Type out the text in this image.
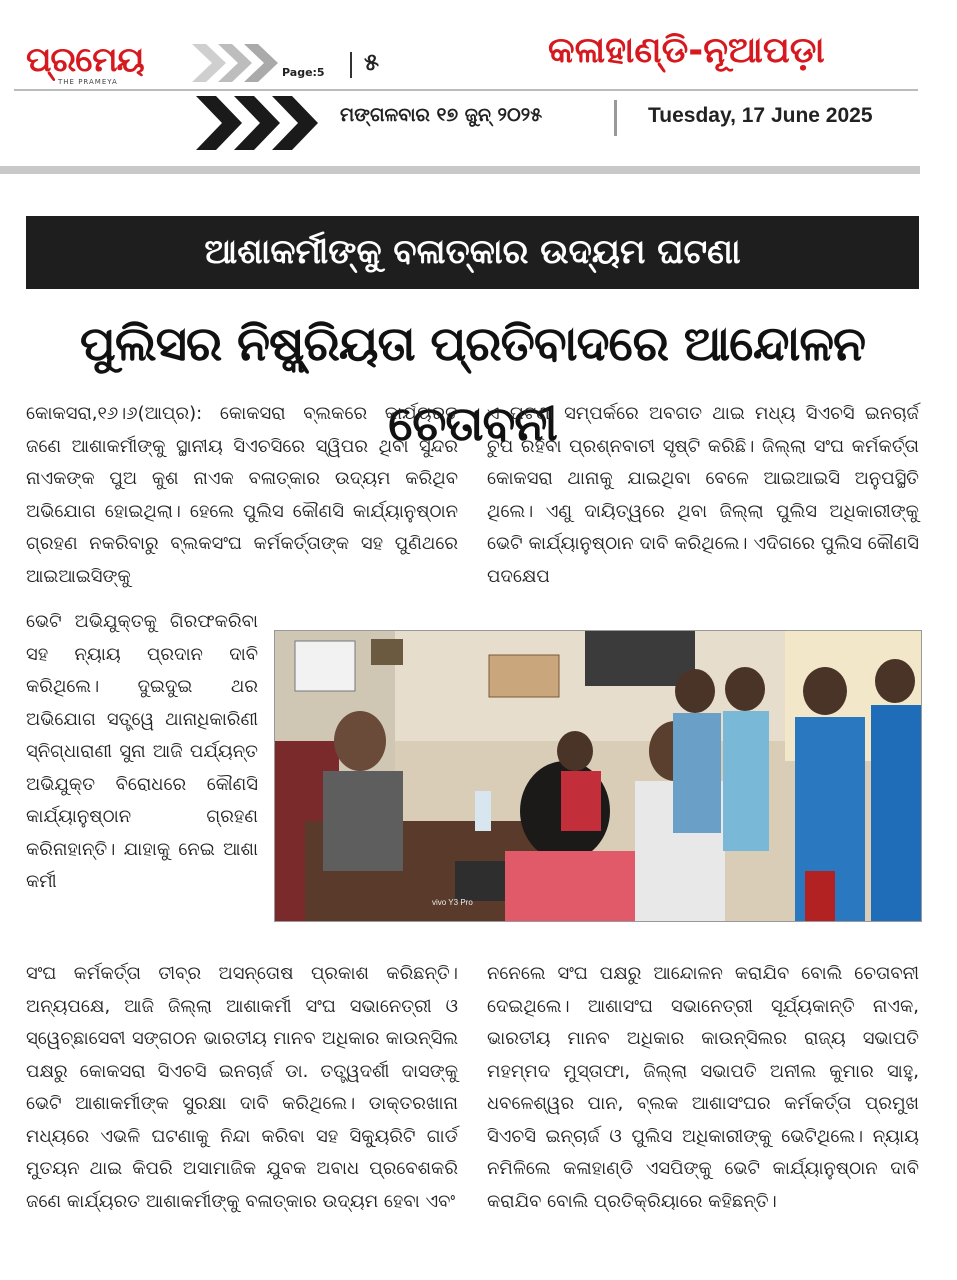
ପ୍ରମେୟ
THE PRAMEYA
Page:5 ୫	କଳାହାଣ୍ଡି-ନୂଆପଡ଼ା
ମଙ୍ଗଳବାର ୧୭ ଜୁନ୍ ୨୦୨୫	Tuesday, 17 June 2025
ଆଶାକର୍ମୀଙ୍କୁ ବଳାତ୍କାର ଉଦ୍ୟମ ଘଟଣା
ପୁଲିସର ନିଷ୍କ୍ରିୟତା ପ୍ରତିବାଦରେ ଆନ୍ଦୋଳନ ଚେତାବନୀ

କୋକସରା,୧୬।୬(ଆପ୍ର): କୋକସରା ବ୍ଲକରେ କାର୍ଯ୍ୟରତ ଜଣେ ଆଶାକର୍ମୀଙ୍କୁ ସ୍ଥାନୀୟ ସିଏଚସିରେ ସ୍ୱିପର ଥିବା ସୁନ୍ଦର ନାଏକଙ୍କ ପୁଅ କୁଶ ନାଏକ ବଳାତ୍କାର ଉଦ୍ୟମ କରିଥିବ ଅଭିଯୋଗ ହୋଇଥିଲା। ହେଲେ ପୁଲିସ କୌଣସି କାର୍ଯ୍ୟାନୁଷ୍ଠାନ ଗ୍ରହଣ ନକରିବାରୁ ବ୍ଲକସଂଘ କର୍ମକର୍ତ୍ତାଙ୍କ ସହ ପୁଣିଥରେ ଆଇଆଇସିଙ୍କୁ

ଭେଟି ଅଭିଯୁକ୍ତକୁ ଗିରଫକରିବା ସହ ନ୍ୟାୟ ପ୍ରଦାନ ଦାବି କରିଥିଲେ। ଦୁଇଦୁଇ ଥର ଅଭିଯୋଗ ସତ୍ତ୍ୱେ ଥାନାଧିକାରିଣୀ ସ୍ନିଗ୍ଧାରାଣୀ ସୁନା ଆଜି ପର୍ଯ୍ୟନ୍ତ ଅଭିଯୁକ୍ତ ବିରୋଧରେ କୌଣସି କାର୍ଯ୍ୟାନୁଷ୍ଠାନ ଗ୍ରହଣ କରିନାହାନ୍ତି। ଯାହାକୁ ନେଇ ଆଶା କର୍ମୀ

ସଂଘ କର୍ମକର୍ତ୍ତା ତୀବ୍ର ଅସନ୍ତୋଷ ପ୍ରକାଶ କରିଛନ୍ତି। ଅନ୍ୟପକ୍ଷେ, ଆଜି ଜିଲ୍ଲା ଆଶାକର୍ମୀ ସଂଘ ସଭାନେତ୍ରୀ ଓ ସ୍ୱେଚ୍ଛାସେବୀ ସଙ୍ଗଠନ ଭାରତୀୟ ମାନବ ଅଧିକାର କାଉନ୍ସିଲ ପକ୍ଷରୁ କୋକସରା ସିଏଚସି ଇନଚାର୍ଜ ଡା. ତତ୍ତ୍ୱଦର୍ଶୀ ଦାସଙ୍କୁ ଭେଟି ଆଶାକର୍ମୀଙ୍କ ସୁରକ୍ଷା ଦାବି କରିଥିଲେ। ଡାକ୍ତରଖାନା ମଧ୍ୟରେ ଏଭଳି ଘଟଣାକୁ ନିନ୍ଦା କରିବା ସହ ସିକ୍ୟୁରିଟି ଗାର୍ଡ ମୁତୟନ ଥାଇ କିପରି ଅସାମାଜିକ ଯୁବକ ଅବାଧ ପ୍ରବେଶକରି ଜଣେ କାର୍ଯ୍ୟରତ ଆଶାକର୍ମୀଙ୍କୁ ବଳାତ୍କାର ଉଦ୍ୟମ ହେବା ଏବଂ

ଏ ଘଟଣା ସମ୍ପର୍କରେ ଅବଗତ ଥାଇ ମଧ୍ୟ ସିଏଚସି ଇନଚାର୍ଜ ଚୁପ ରହିବା ପ୍ରଶ୍ନବାଚୀ ସୃଷ୍ଟି କରିଛି। ଜିଲ୍ଲା ସଂଘ କର୍ମକର୍ତ୍ତା କୋକସରା ଥାନାକୁ ଯାଇଥିବା ବେଳେ ଆଇଆଇସି ଅନୁପସ୍ଥିତି ଥିଲେ। ଏଣୁ ଦାୟିତ୍ୱରେ ଥିବା ଜିଲ୍ଲା ପୁଲିସ ଅଧିକାରୀଙ୍କୁ ଭେଟି କାର୍ଯ୍ୟାନୁଷ୍ଠାନ ଦାବି କରିଥିଲେ। ଏଦିଗରେ ପୁଲିସ କୌଣସି ପଦକ୍ଷେପ

ନନେଲେ ସଂଘ ପକ୍ଷରୁ ଆନ୍ଦୋଳନ କରାଯିବ ବୋଲି ଚେତାବନୀ ଦେଇଥିଲେ। ଆଶାସଂଘ ସଭାନେତ୍ରୀ ସୂର୍ଯ୍ୟକାନ୍ତି ନାଏକ, ଭାରତୀୟ ମାନବ ଅଧିକାର କାଉନ୍ସିଲର ରାଜ୍ୟ ସଭାପତି ମହମ୍ମଦ ମୁସ୍ତାଫା, ଜିଲ୍ଲା ସଭାପତି ଅନୀଲ କୁମାର ସାହୁ, ଧବଳେଶ୍ୱର ପାନ, ବ୍ଲକ ଆଶାସଂଘର କର୍ମକର୍ତ୍ତା ପ୍ରମୁଖ ସିଏଚସି ଇନ୍‌ଚାର୍ଜ ଓ ପୁଲିସ ଅଧିକାରୀଙ୍କୁ ଭେଟିଥିଲେ। ନ୍ୟାୟ ନମିଳିଲେ କଳାହାଣ୍ଡି ଏସପିଙ୍କୁ ଭେଟି କାର୍ଯ୍ୟାନୁଷ୍ଠାନ ଦାବି କରାଯିବ ବୋଲି ପ୍ରତିକ୍ରିୟାରେ କହିଛନ୍ତି।

vivo Y3 Pro
